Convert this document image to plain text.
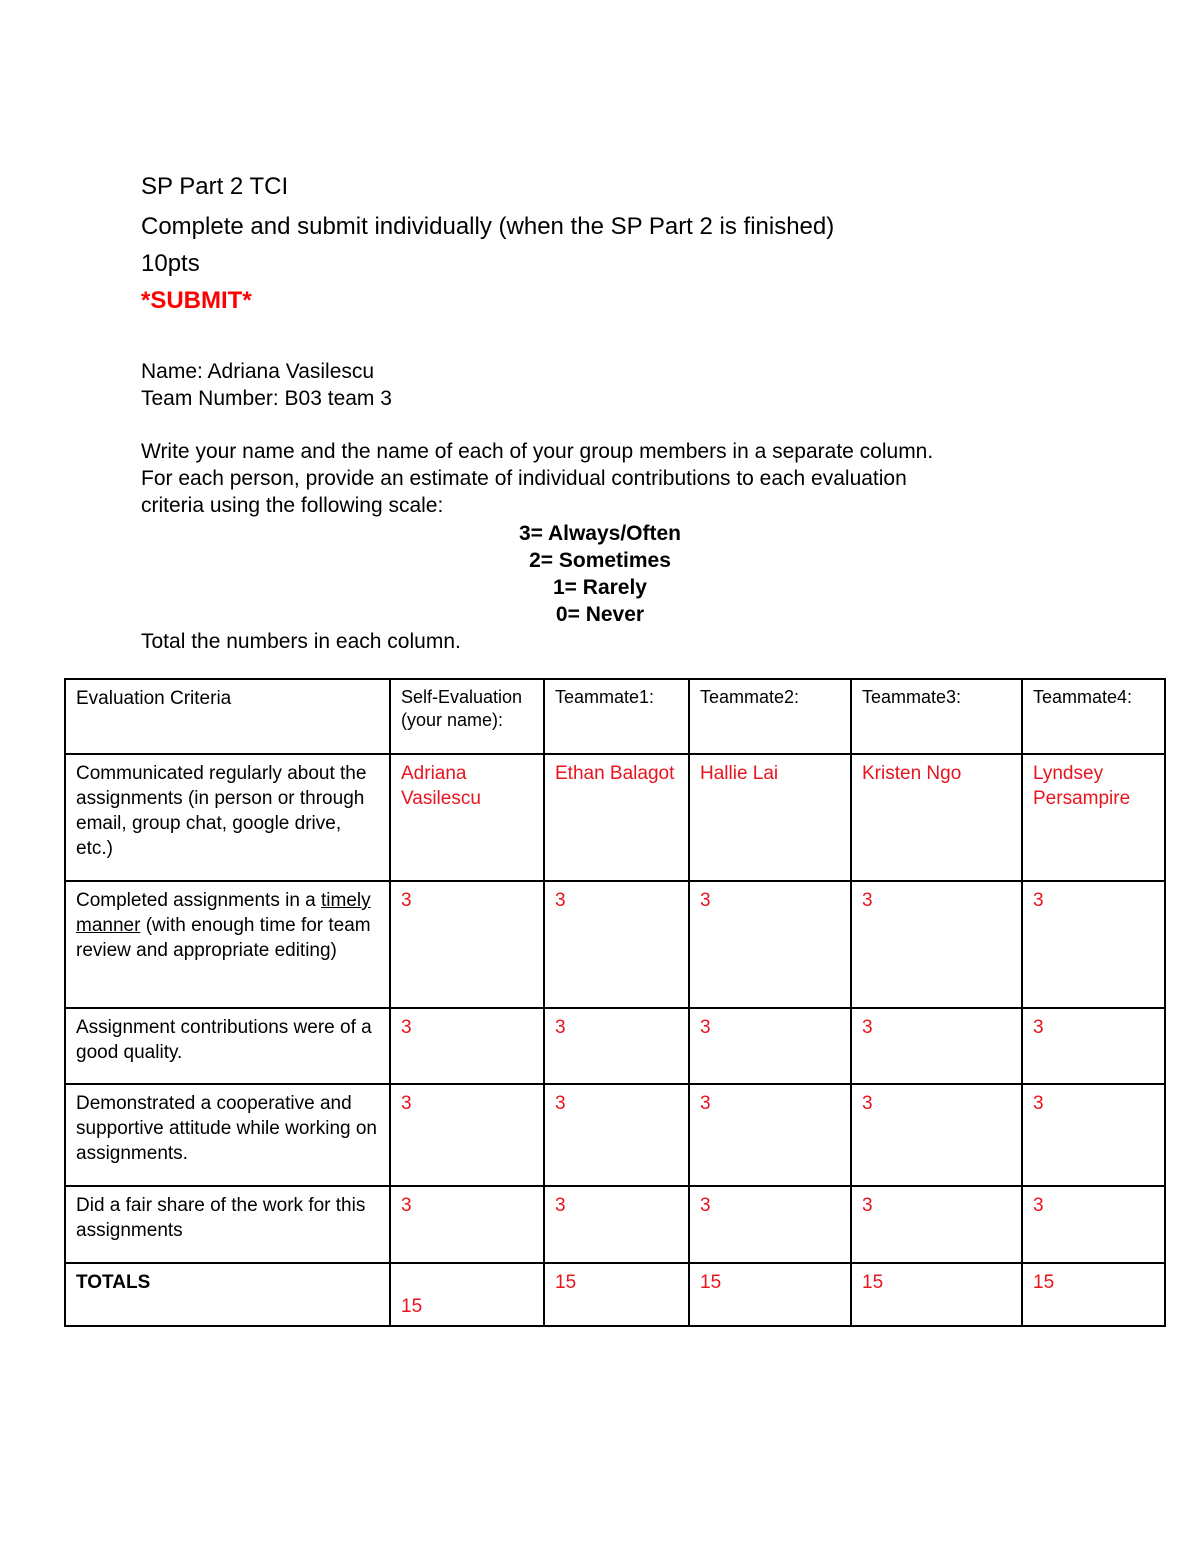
SP Part 2 TCI
Complete and submit individually (when the SP Part 2 is finished)
10pts
*SUBMIT*
Name: Adriana Vasilescu
Team Number: B03 team 3
Write your name and the name of each of your group members in a separate column.
For each person, provide an estimate of individual contributions to each evaluation
criteria using the following scale:
3= Always/Often
2= Sometimes
1= Rarely
0= Never
Total the numbers in each column.
Evaluation Criteria	Self-Evaluation (your name):	Teammate1:	Teammate2:	Teammate3:	Teammate4:
Communicated regularly about the assignments (in person or through email, group chat, google drive, etc.)	Adriana Vasilescu	Ethan Balagot	Hallie Lai	Kristen Ngo	Lyndsey Persampire
Completed assignments in a timely manner (with enough time for team review and appropriate editing)	3	3	3	3	3
Assignment contributions were of a good quality.	3	3	3	3	3
Demonstrated a cooperative and supportive attitude while working on assignments.	3	3	3	3	3
Did a fair share of the work for this assignments	3	3	3	3	3
TOTALS	15	15	15	15	15
